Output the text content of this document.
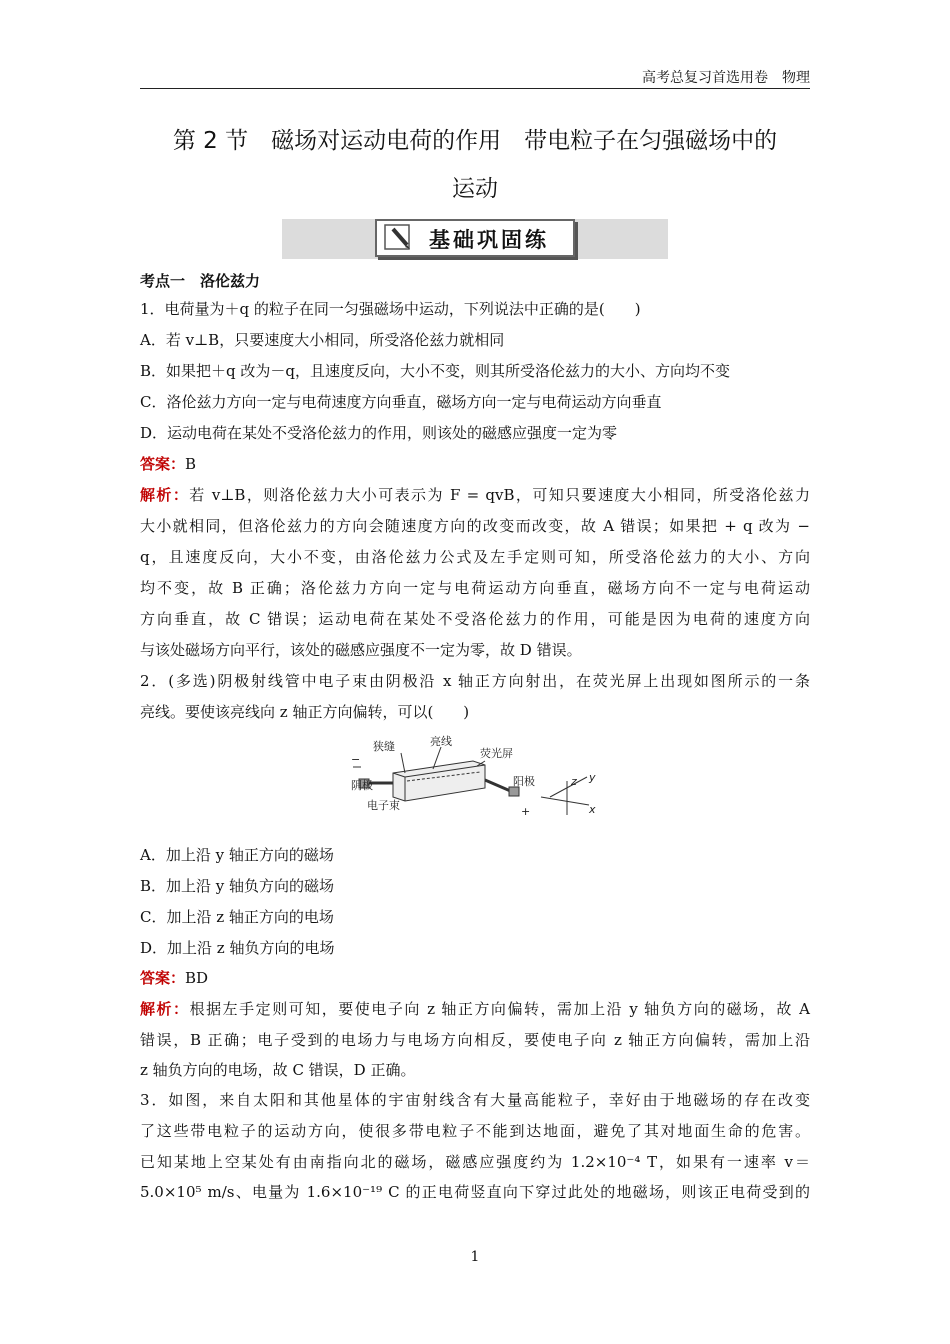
高考总复习首选用卷　物理
第 2 节　磁场对运动电荷的作用　带电粒子在匀强磁场中的
运动
基础巩固练
考点一　洛伦兹力
1．电荷量为＋q 的粒子在同一匀强磁场中运动，下列说法中正确的是(　　)
A．若 v⊥B，只要速度大小相同，所受洛伦兹力就相同
B．如果把＋q 改为－q，且速度反向，大小不变，则其所受洛伦兹力的大小、方向均不变
C．洛伦兹力方向一定与电荷速度方向垂直，磁场方向一定与电荷运动方向垂直
D．运动电荷在某处不受洛伦兹力的作用，则该处的磁感应强度一定为零
答案：B
解析：若 v⊥B，则洛伦兹力大小可表示为 F = qvB，可知只要速度大小相同，所受洛伦兹力
大小就相同，但洛伦兹力的方向会随速度方向的改变而改变，故 A 错误；如果把 + q 改为 −
q，且速度反向，大小不变，由洛伦兹力公式及左手定则可知，所受洛伦兹力的大小、方向
均不变，故 B 正确；洛伦兹力方向一定与电荷运动方向垂直，磁场方向不一定与电荷运动
方向垂直，故 C 错误；运动电荷在某处不受洛伦兹力的作用，可能是因为电荷的速度方向
与该处磁场方向平行，该处的磁感应强度不一定为零，故 D 错误。
2．(多选)阴极射线管中电子束由阴极沿 x 轴正方向射出，在荧光屏上出现如图所示的一条
亮线。要使该亮线向 z 轴正方向偏转，可以(　　)
狭缝	亮线
荧光屏
阴极	阳极
电子束
−
+
z y
x
A．加上沿 y 轴正方向的磁场
B．加上沿 y 轴负方向的磁场
C．加上沿 z 轴正方向的电场
D．加上沿 z 轴负方向的电场
答案：BD
解析：根据左手定则可知，要使电子向 z 轴正方向偏转，需加上沿 y 轴负方向的磁场，故 A
错误，B 正确；电子受到的电场力与电场方向相反，要使电子向 z 轴正方向偏转，需加上沿
z 轴负方向的电场，故 C 错误，D 正确。
3．如图，来自太阳和其他星体的宇宙射线含有大量高能粒子，幸好由于地磁场的存在改变
了这些带电粒子的运动方向，使很多带电粒子不能到达地面，避免了其对地面生命的危害。
已知某地上空某处有由南指向北的磁场，磁感应强度约为 1.2×10⁻⁴ T，如果有一速率 v＝
5.0×10⁵ m/s、电量为 1.6×10⁻¹⁹ C 的正电荷竖直向下穿过此处的地磁场，则该正电荷受到的
1
